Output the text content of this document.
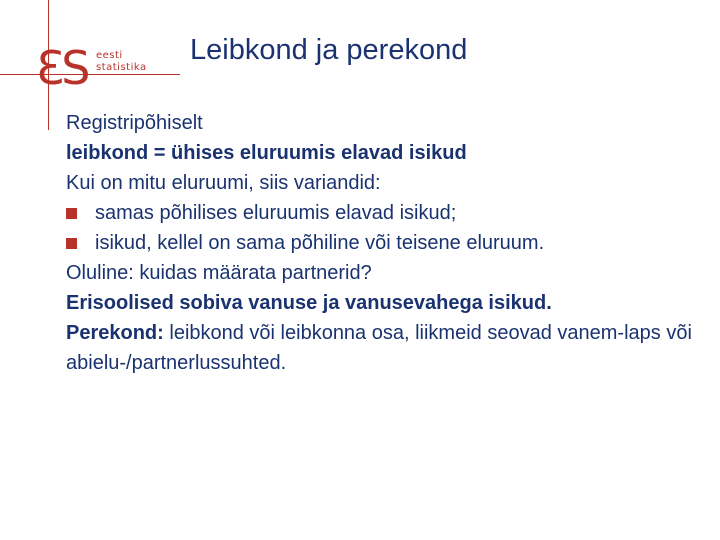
ƐS eesti
statistika
Leibkond ja perekond
Registripõhiselt
leibkond = ühises eluruumis elavad isikud
Kui on mitu eluruumi, siis variandid:
samas põhilises eluruumis elavad isikud;
isikud, kellel on sama põhiline või teisene eluruum.
Oluline: kuidas määrata partnerid?
Erisoolised sobiva vanuse ja vanusevahega isikud.
Perekond: leibkond või leibkonna osa, liikmeid seovad vanem-laps või abielu-/partnerlussuhted.
